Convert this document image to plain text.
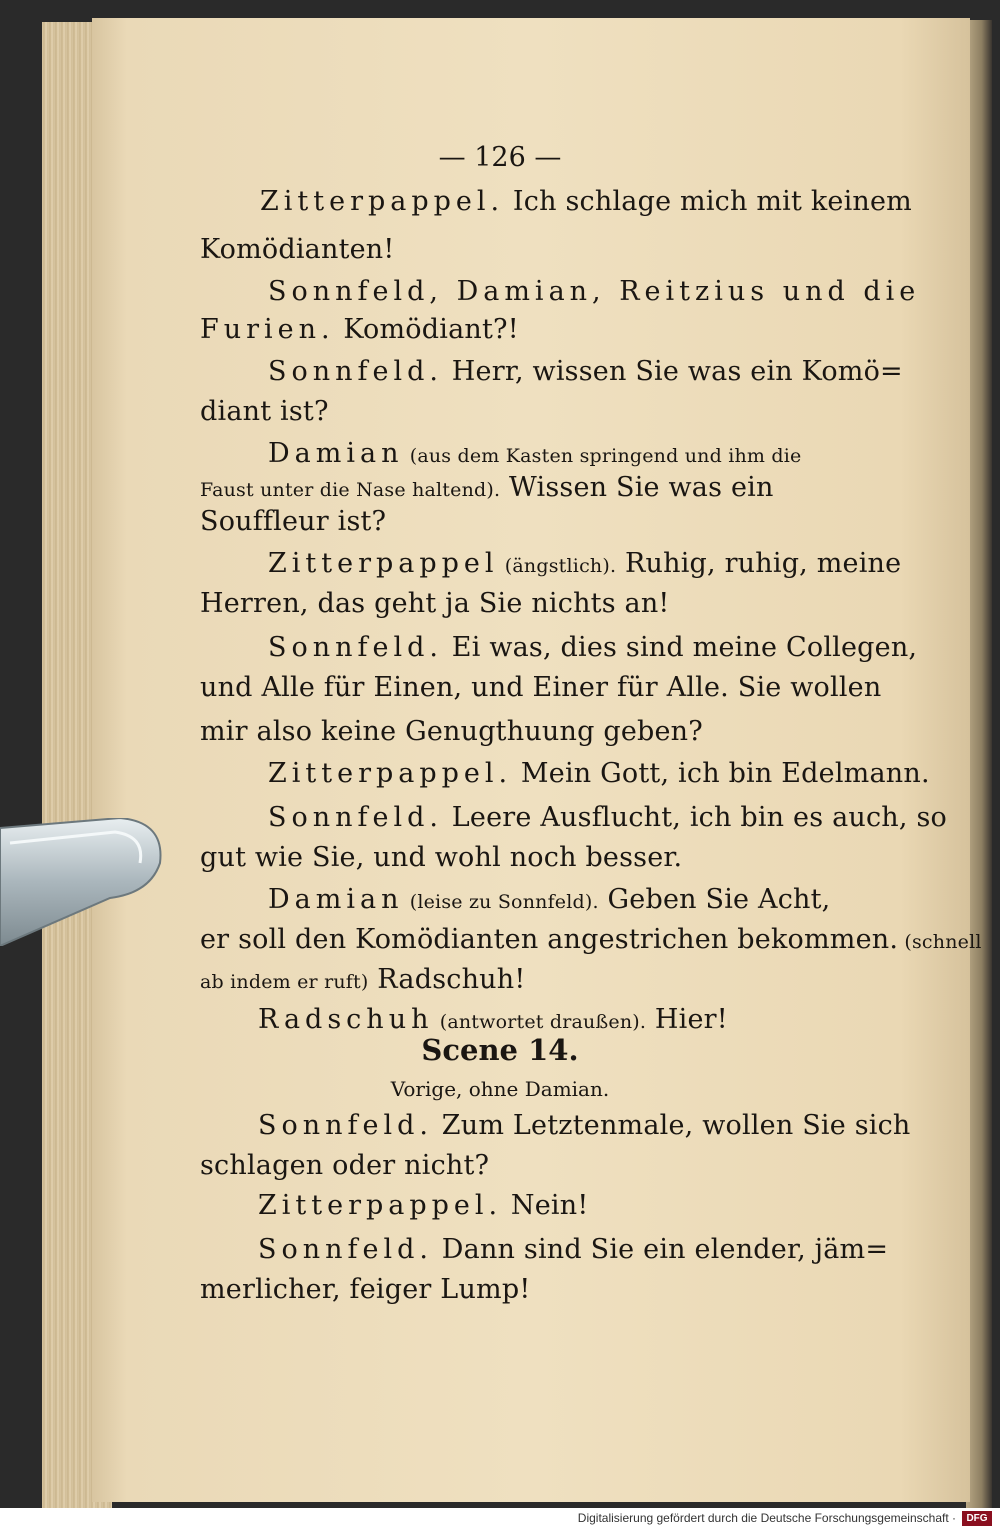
— 126 —
Zitterpappel. Ich schlage mich mit keinem
Komödianten!
Sonnfeld, Damian, Reitzius und die
Furien. Komödiant?!
Sonnfeld. Herr, wissen Sie was ein Komö=
diant ist?
Damian (aus dem Kasten springend und ihm die
Faust unter die Nase haltend). Wissen Sie was ein
Souffleur ist?
Zitterpappel (ängstlich). Ruhig, ruhig, meine
Herren, das geht ja Sie nichts an!
Sonnfeld. Ei was, dies sind meine Collegen,
und Alle für Einen, und Einer für Alle. Sie wollen
mir also keine Genugthuung geben?
Zitterpappel. Mein Gott, ich bin Edelmann.
Sonnfeld. Leere Ausflucht, ich bin es auch, so
gut wie Sie, und wohl noch besser.
Damian (leise zu Sonnfeld). Geben Sie Acht,
er soll den Komödianten angestrichen bekommen. (schnell
ab indem er ruft) Radschuh!
Radschuh (antwortet draußen). Hier!
Sonnfeld. Zum Letztenmale, wollen Sie sich
schlagen oder nicht?
Zitterpappel. Nein!
Sonnfeld. Dann sind Sie ein elender, jäm=
merlicher, feiger Lump!
Scene 14.
Vorige, ohne Damian.
Digitalisierung gefördert durch die Deutsche Forschungsgemeinschaft ·	DFG
